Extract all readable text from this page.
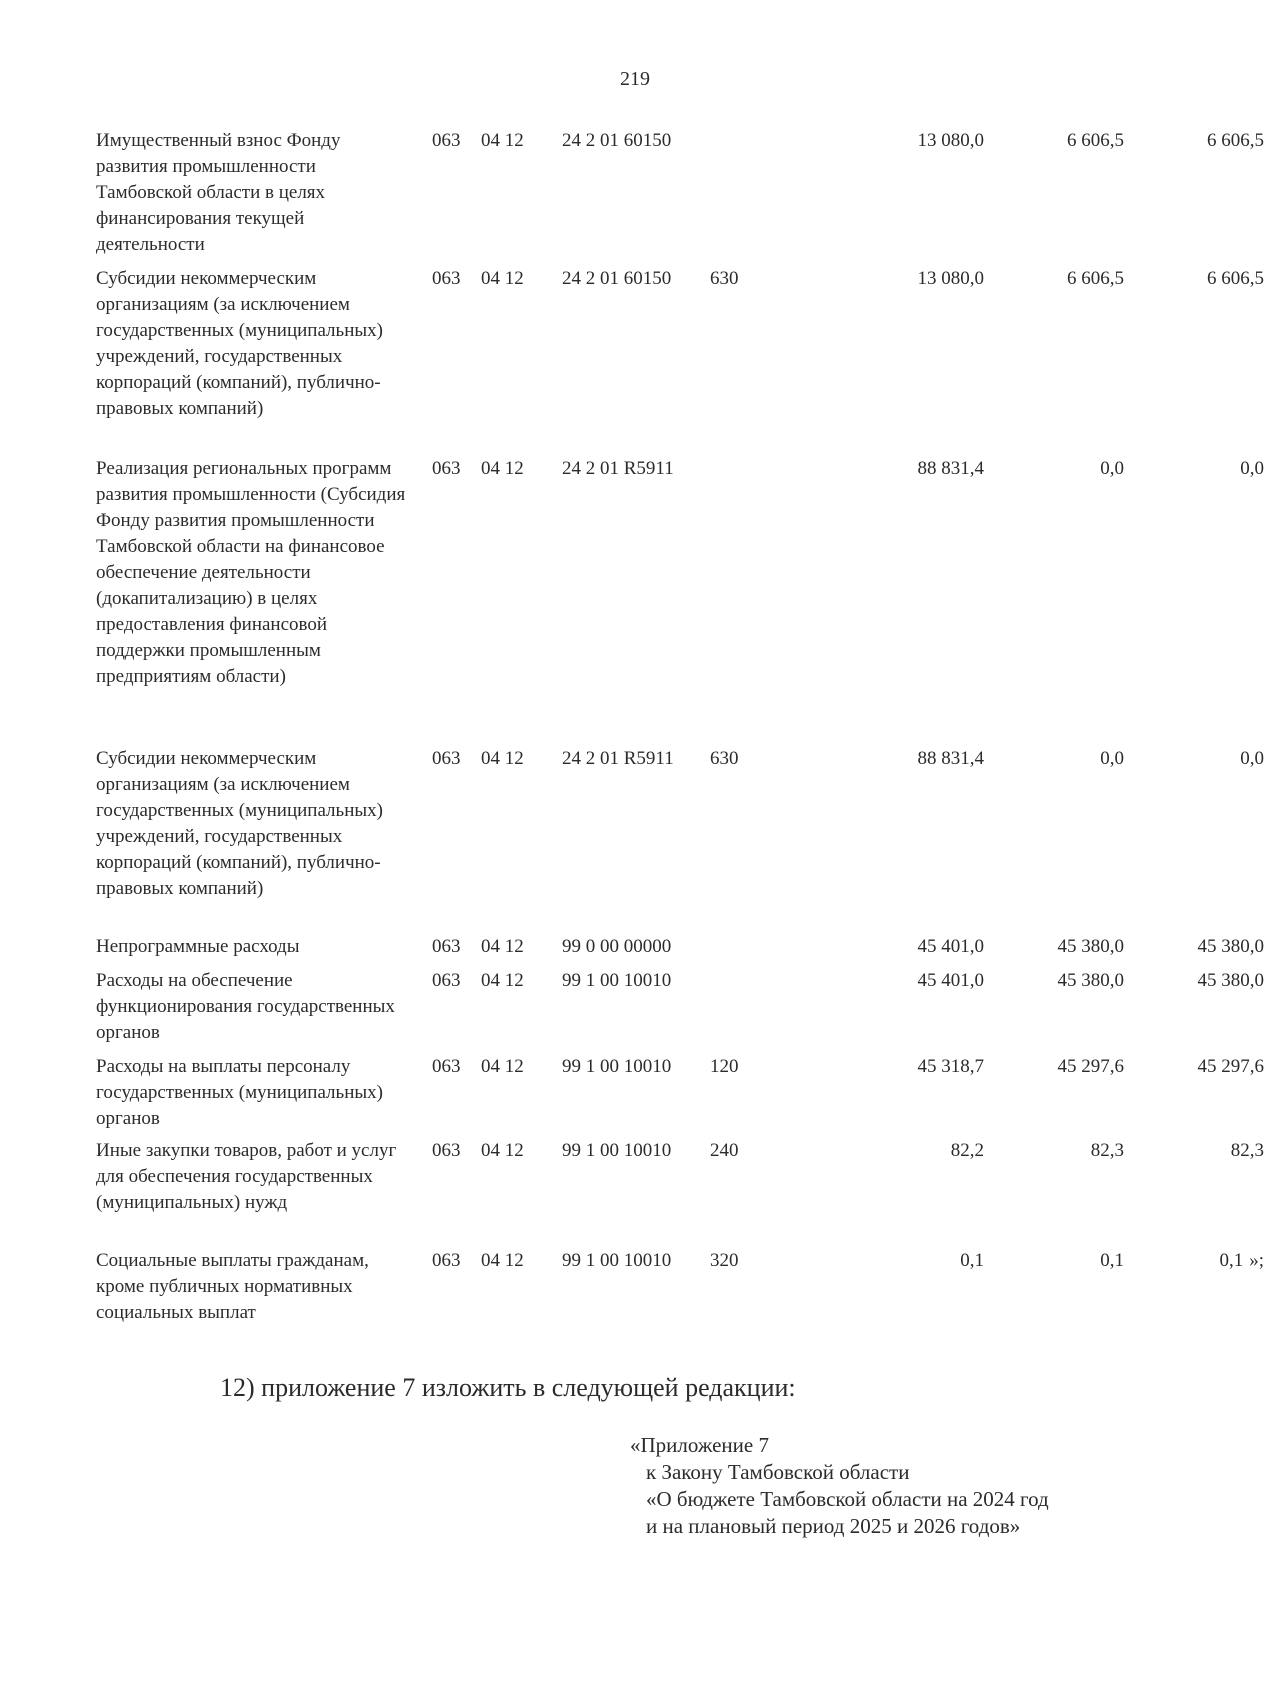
219
Имущественный взнос Фонду развития промышленности Тамбовской области в целях финансирования текущей деятельности
063	04 12	24 2 01 60150	13 080,0	6 606,5	6 606,5
Субсидии некоммерческим организациям (за исключением государственных (муниципальных) учреждений, государственных корпораций (компаний), публично-правовых компаний)
063	04 12	24 2 01 60150	630	13 080,0	6 606,5	6 606,5
Реализация региональных программ развития промышленности (Субсидия Фонду развития промышленности Тамбовской области на финансовое обеспечение деятельности (докапитализацию) в целях предоставления финансовой поддержки промышленным предприятиям области)
063	04 12	24 2 01 R5911	88 831,4	0,0	0,0
Субсидии некоммерческим организациям (за исключением государственных (муниципальных) учреждений, государственных корпораций (компаний), публично-правовых компаний)
063	04 12	24 2 01 R5911	630	88 831,4	0,0	0,0
Непрограммные расходы	063	04 12	99 0 00 00000	45 401,0	45 380,0	45 380,0
Расходы на обеспечение функционирования государственных органов
063	04 12	99 1 00 10010	45 401,0	45 380,0	45 380,0
Расходы на выплаты персоналу государственных (муниципальных) органов
063	04 12	99 1 00 10010	120	45 318,7	45 297,6	45 297,6
Иные закупки товаров, работ и услуг для обеспечения государственных (муниципальных) нужд
063	04 12	99 1 00 10010	240	82,2	82,3	82,3
Социальные выплаты гражданам, кроме публичных нормативных социальных выплат
063	04 12	99 1 00 10010	320	0,1	0,1	0,1 »;
12) приложение 7 изложить в следующей редакции:
«Приложение 7
к Закону Тамбовской области
«О бюджете Тамбовской области на 2024 год
и на плановый период 2025 и 2026 годов»
